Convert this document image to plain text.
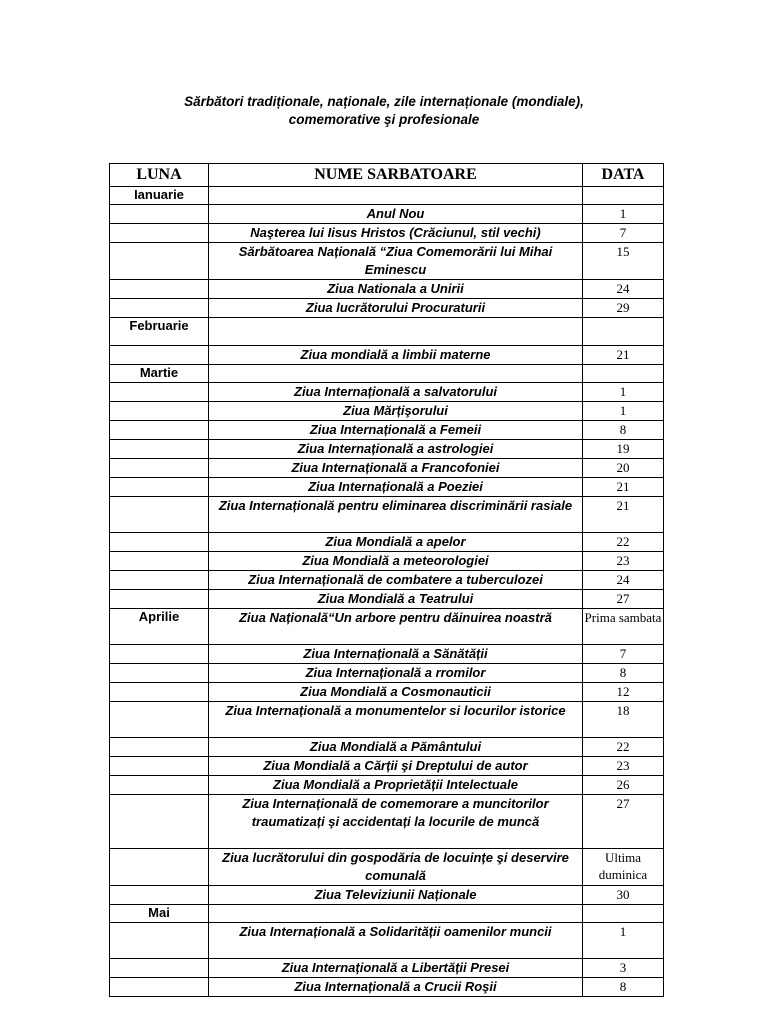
Sărbători tradiționale, naționale, zile internaționale (mondiale),
comemorative şi profesionale
LUNA	NUME SARBATOARE	DATA
Ianuarie		
	Anul Nou	1
	Naşterea lui Iisus Hristos (Crăciunul, stil vechi)	7
	Sărbătoarea Națională “Ziua Comemorării lui Mihai Eminescu	15
	Ziua Nationala a Unirii	24
	Ziua lucrătorului Procuraturii	29
Februarie		
	Ziua mondială a limbii materne	21
Martie		
	Ziua Internațională a salvatorului	1
	Ziua Mărțişorului	1
	Ziua Internațională a Femeii	8
	Ziua Internațională a astrologiei	19
	Ziua Internațională a Francofoniei	20
	Ziua Internațională a Poeziei	21
	Ziua Internațională pentru eliminarea discriminării rasiale	21
	Ziua Mondială a apelor	22
	Ziua Mondială a meteorologiei	23
	Ziua Internațională de combatere a tuberculozei	24
	Ziua Mondială a Teatrului	27
Aprilie	Ziua Națională“Un arbore pentru dăinuirea noastră	Prima sambata
	Ziua Internațională a Sănătății	7
	Ziua Internațională a rromilor	8
	Ziua Mondială a Cosmonauticii	12
	Ziua Internațională a monumentelor si locurilor istorice	18
	Ziua Mondială a Pământului	22
	Ziua Mondială a Cărții şi Dreptului de autor	23
	Ziua Mondială a Proprietății Intelectuale	26
	Ziua Internațională de comemorare a muncitorilor traumatizați şi accidentați la locurile de muncă	27
	Ziua lucrătorului din gospodăria de locuințe şi deservire comunală	Ultima duminica
	Ziua Televiziunii Naționale	30
Mai		
	Ziua Internațională a Solidarității oamenilor muncii	1
	Ziua Internațională a Libertății Presei	3
	Ziua Internațională a Crucii Roşii	8
